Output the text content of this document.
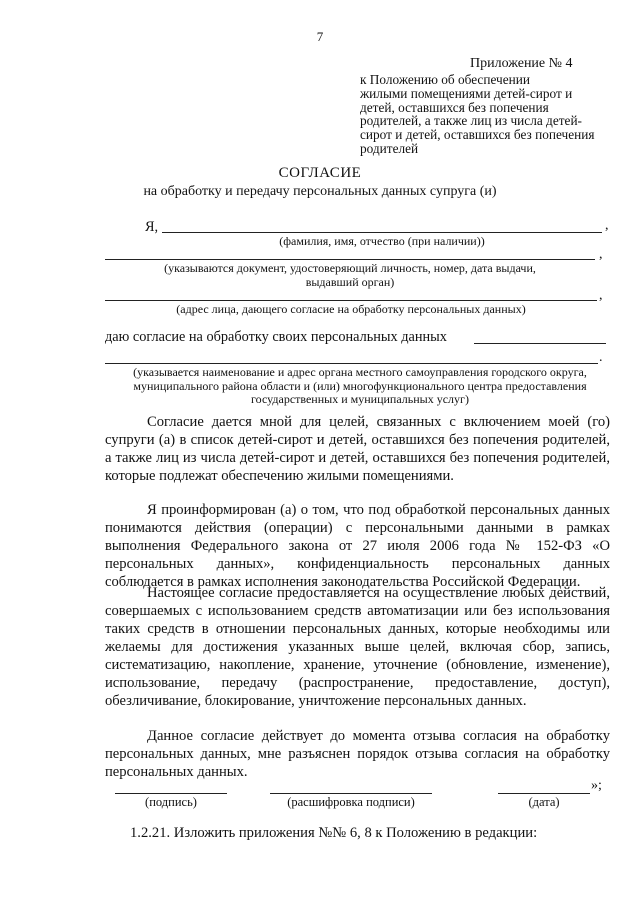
7
Приложение № 4
к Положению об обеспечении
жилыми помещениями детей-сирот и
детей, оставшихся без попечения
родителей, а также лиц из числа детей-
сирот и детей, оставшихся без попечения
родителей
СОГЛАСИЕ
на обработку и передачу персональных данных супруга (и)
Я,	,
(фамилия, имя, отчество (при наличии))
,
(указываются документ, удостоверяющий личность, номер, дата выдачи,
выдавший орган)
,
(адрес лица, дающего согласие на обработку персональных данных)
даю согласие на обработку своих персональных данных
.
(указывается наименование и адрес органа местного самоуправления городского округа,
муниципального района области и (или) многофункционального центра предоставления
государственных и муниципальных услуг)

Согласие дается мной для целей, связанных с включением моей (го) супруги (а) в список детей-сирот и детей, оставшихся без попечения родителей, а также лиц из числа детей-сирот и детей, оставшихся без попечения родителей, которые подлежат обеспечению жилыми помещениями.

Я проинформирован (а) о том, что под обработкой персональных данных понимаются действия (операции) с персональными данными в рамках выполнения Федерального закона от 27 июля 2006 года № 152-ФЗ «О персональных данных», конфиденциальность персональных данных соблюдается в рамках исполнения законодательства Российской Федерации.

Настоящее согласие предоставляется на осуществление любых действий, совершаемых с использованием средств автоматизации или без использования таких средств в отношении персональных данных, которые необходимы или желаемы для достижения указанных выше целей, включая сбор, запись, систематизацию, накопление, хранение, уточнение (обновление, изменение), использование, передачу (распространение, предоставление, доступ), обезличивание, блокирование, уничтожение персональных данных.

Данное согласие действует до момента отзыва согласия на обработку персональных данных, мне разъяснен порядок отзыва согласия на обработку персональных данных.

(подпись)	(расшифровка подписи)
»;
(дата)
1.2.21. Изложить приложения №№ 6, 8 к Положению в редакции:
